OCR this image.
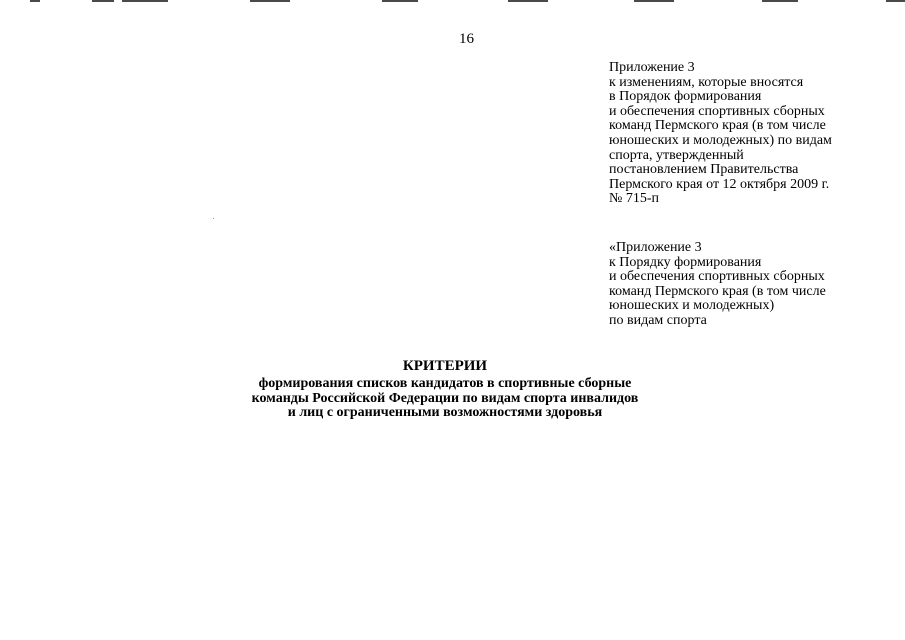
16
Приложение 3
к изменениям, которые вносятся
в Порядок формирования
и обеспечения спортивных сборных
команд Пермского края (в том числе
юношеских и молодежных) по видам
спорта, утвержденный
постановлением Правительства
Пермского края от 12 октября 2009 г.
№ 715-п
«Приложение 3
к Порядку формирования
и обеспечения спортивных сборных
команд Пермского края (в том числе
юношеских и молодежных)
по видам спорта
КРИТЕРИИ
формирования списков кандидатов в спортивные сборные
команды Российской Федерации по видам спорта инвалидов
и лиц с ограниченными возможностями здоровья
